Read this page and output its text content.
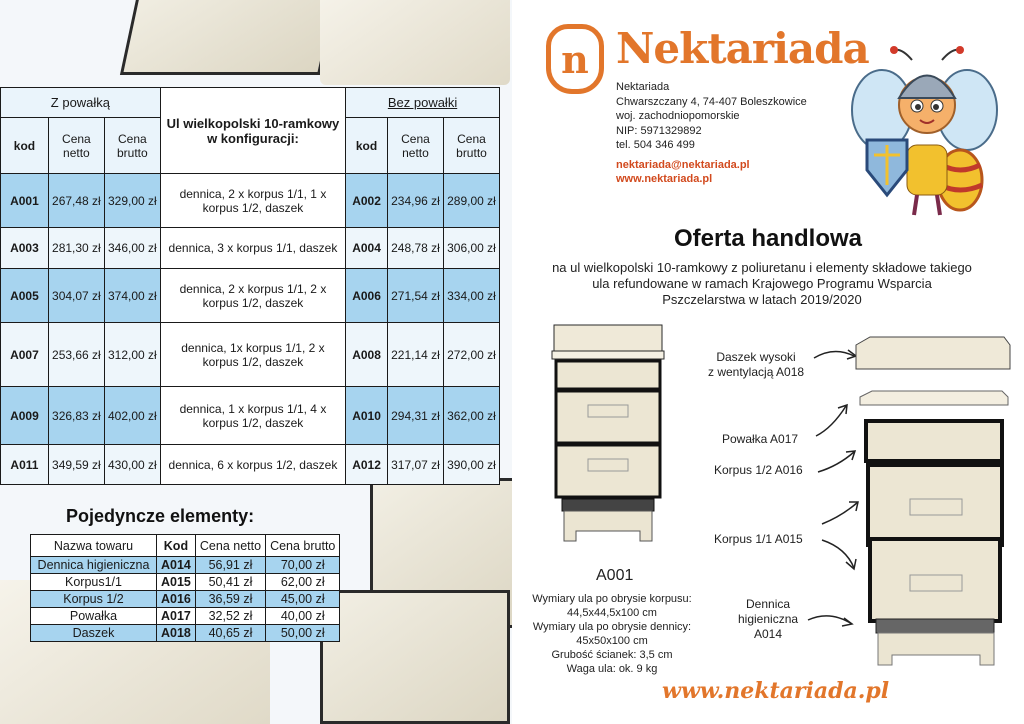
Z powałką			Ul wielkopolski 10-ramkowy w konfiguracji:	Bez powałki		
kod	Cena netto	Cena brutto		kod	Cena netto	Cena brutto
A001	267,48 zł	329,00 zł	dennica, 2 x korpus 1/1, 1 x korpus 1/2, daszek	A002	234,96 zł	289,00 zł
A003	281,30 zł	346,00 zł	dennica, 3 x korpus 1/1, daszek	A004	248,78 zł	306,00 zł
A005	304,07 zł	374,00 zł	dennica, 2 x korpus 1/1, 2 x korpus 1/2, daszek	A006	271,54 zł	334,00 zł
A007	253,66 zł	312,00 zł	dennica, 1x korpus 1/1, 2 x korpus 1/2, daszek	A008	221,14 zł	272,00 zł
A009	326,83 zł	402,00 zł	dennica, 1 x korpus 1/1, 4 x korpus 1/2, daszek	A010	294,31 zł	362,00 zł
A011	349,59 zł	430,00 zł	dennica, 6 x korpus 1/2, daszek	A012	317,07 zł	390,00 zł
Pojedyncze elementy:
Nazwa towaru	Kod	Cena netto	Cena brutto
Dennica higieniczna	A014	56,91 zł	70,00 zł
Korpus1/1	A015	50,41 zł	62,00 zł
Korpus 1/2	A016	36,59 zł	45,00 zł
Powałka	A017	32,52 zł	40,00 zł
Daszek	A018	40,65 zł	50,00 zł
n Nektariada
Nektariada
Chwarszczany 4, 74-407 Boleszkowice
woj. zachodniopomorskie
NIP: 5971329892
tel. 504 346 499
nektariada@nektariada.pl
www.nektariada.pl
Oferta handlowa
na ul wielkopolski 10-ramkowy z poliuretanu i elementy składowe takiego ula refundowane w ramach Krajowego Programu Wsparcia Pszczelarstwa w latach 2019/2020
A001
Wymiary ula po obrysie korpusu:
44,5x44,5x100 cm
Wymiary ula po obrysie dennicy:
45x50x100 cm
Grubość ścianek: 3,5 cm
Waga ula: ok. 9 kg
Daszek wysoki
z wentylacją A018
Powałka A017
Korpus 1/2 A016
Korpus 1/1 A015
Dennica
higieniczna
A014
www.nektariada.pl
